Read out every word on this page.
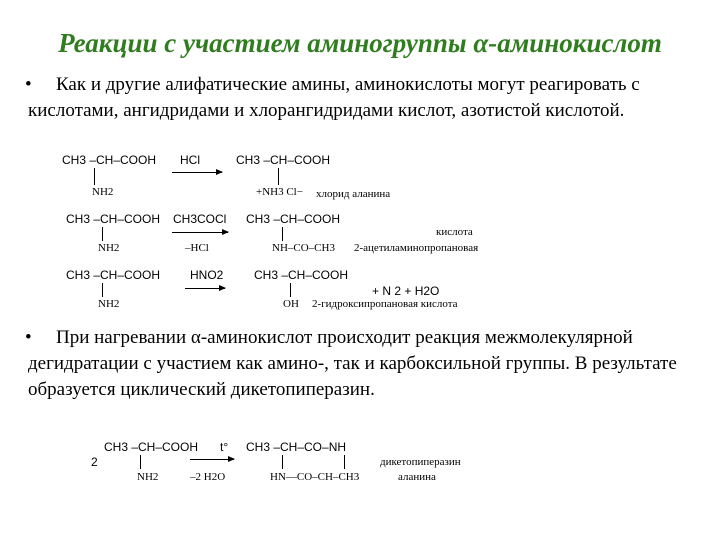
Реакции с участием аминогруппы α-аминокислот
• Как и другие алифатические амины, аминокислоты могут реагировать с кислотами, ангидридами и хлорангидридами кислот, азотистой кислотой.
CH3 –CH–COOH
NH2
HCl	CH3 –CH–COOH
+NH3 Cl− хлорид аланина
CH3 –CH–COOH
NH2
CH3COCl
–HCl
CH3 –CH–COOH
NH–CO–CH3
кислота
2-ацетиламинопропановая
CH3 –CH–COOH
NH2
HNO2	CH3 –CH–COOH
OH
+ N 2 + H2O
2-гидроксипропановая кислота
• При нагревании α-аминокислот происходит реакция межмолекулярной дегидратации с участием как амино-, так и карбоксильной группы. В результате образуется циклический дикетопиперазин.
2
CH3 –CH–COOH
NH2
t°
–2 H2O
CH3 –CH–CO–NH
HN—CO–CH–CH3
дикетопиперазин
аланина
